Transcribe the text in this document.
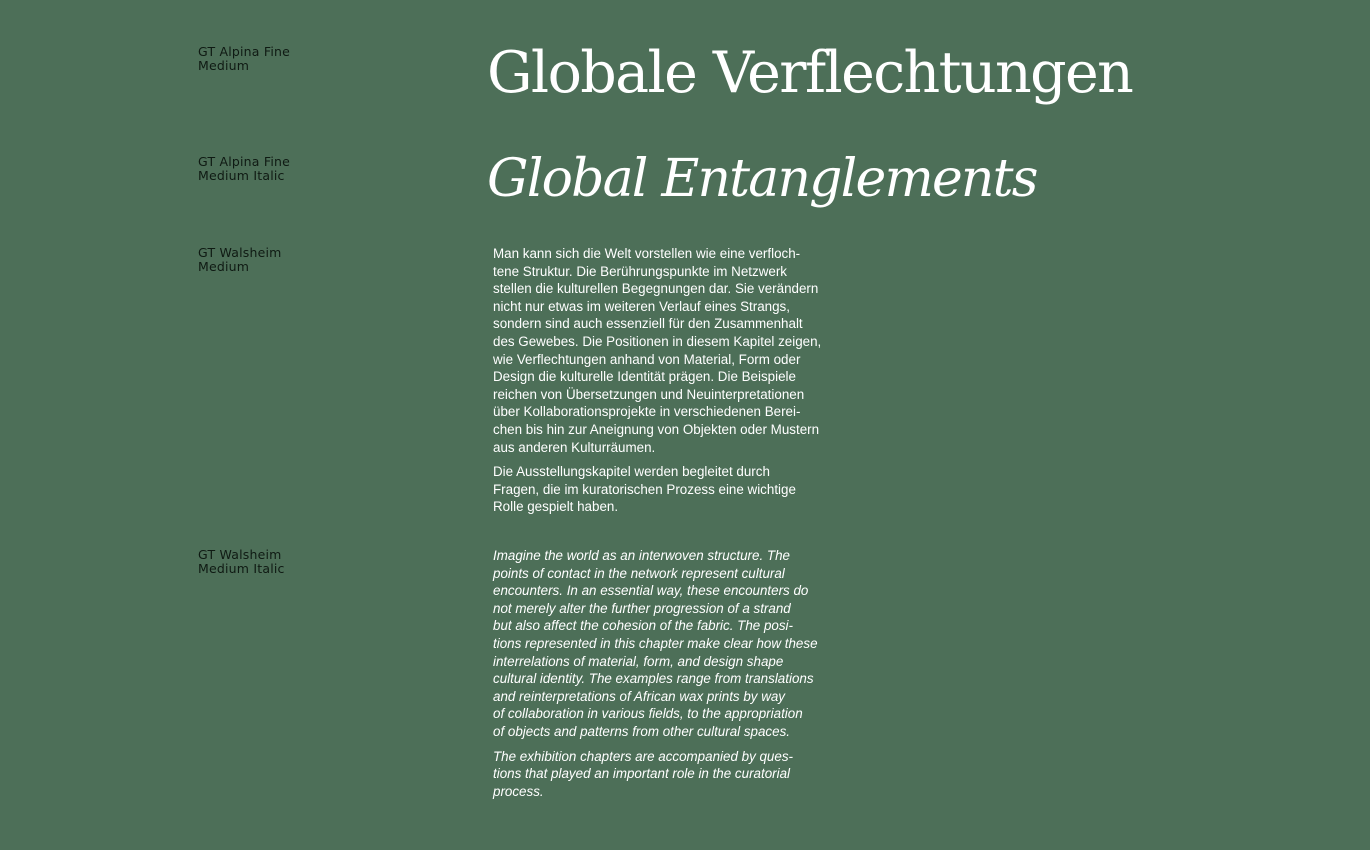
GT Alpina Fine
Medium	Globale Verflechtungen
GT Alpina Fine
Medium Italic	Global Entanglements
GT Walsheim
Medium
Man kann sich die Welt vorstellen wie eine verfloch-
tene Struktur. Die Berührungspunkte im Netzwerk
stellen die kulturellen Begegnungen dar. Sie verändern
nicht nur etwas im weiteren Verlauf eines Strangs,
sondern sind auch essenziell für den Zusammenhalt
des Gewebes. Die Positionen in diesem Kapitel zeigen,
wie Verflechtungen anhand von Material, Form oder
Design die kulturelle Identität prägen. Die Beispiele
reichen von Übersetzungen und Neuinterpretationen
über Kollaborationsprojekte in verschiedenen Berei-
chen bis hin zur Aneignung von Objekten oder Mustern
aus anderen Kulturräumen.
Die Ausstellungskapitel werden begleitet durch
Fragen, die im kuratorischen Prozess eine wichtige
Rolle gespielt haben.
GT Walsheim
Medium Italic
Imagine the world as an interwoven structure. The
points of contact in the network represent cultural
encounters. In an essential way, these encounters do
not merely alter the further progression of a strand
but also affect the cohesion of the fabric. The posi-
tions represented in this chapter make clear how these
interrelations of material, form, and design shape
cultural identity. The examples range from translations
and reinterpretations of African wax prints by way
of collaboration in various fields, to the appropriation
of objects and patterns from other cultural spaces.
The exhibition chapters are accompanied by ques-
tions that played an important role in the curatorial
process.
